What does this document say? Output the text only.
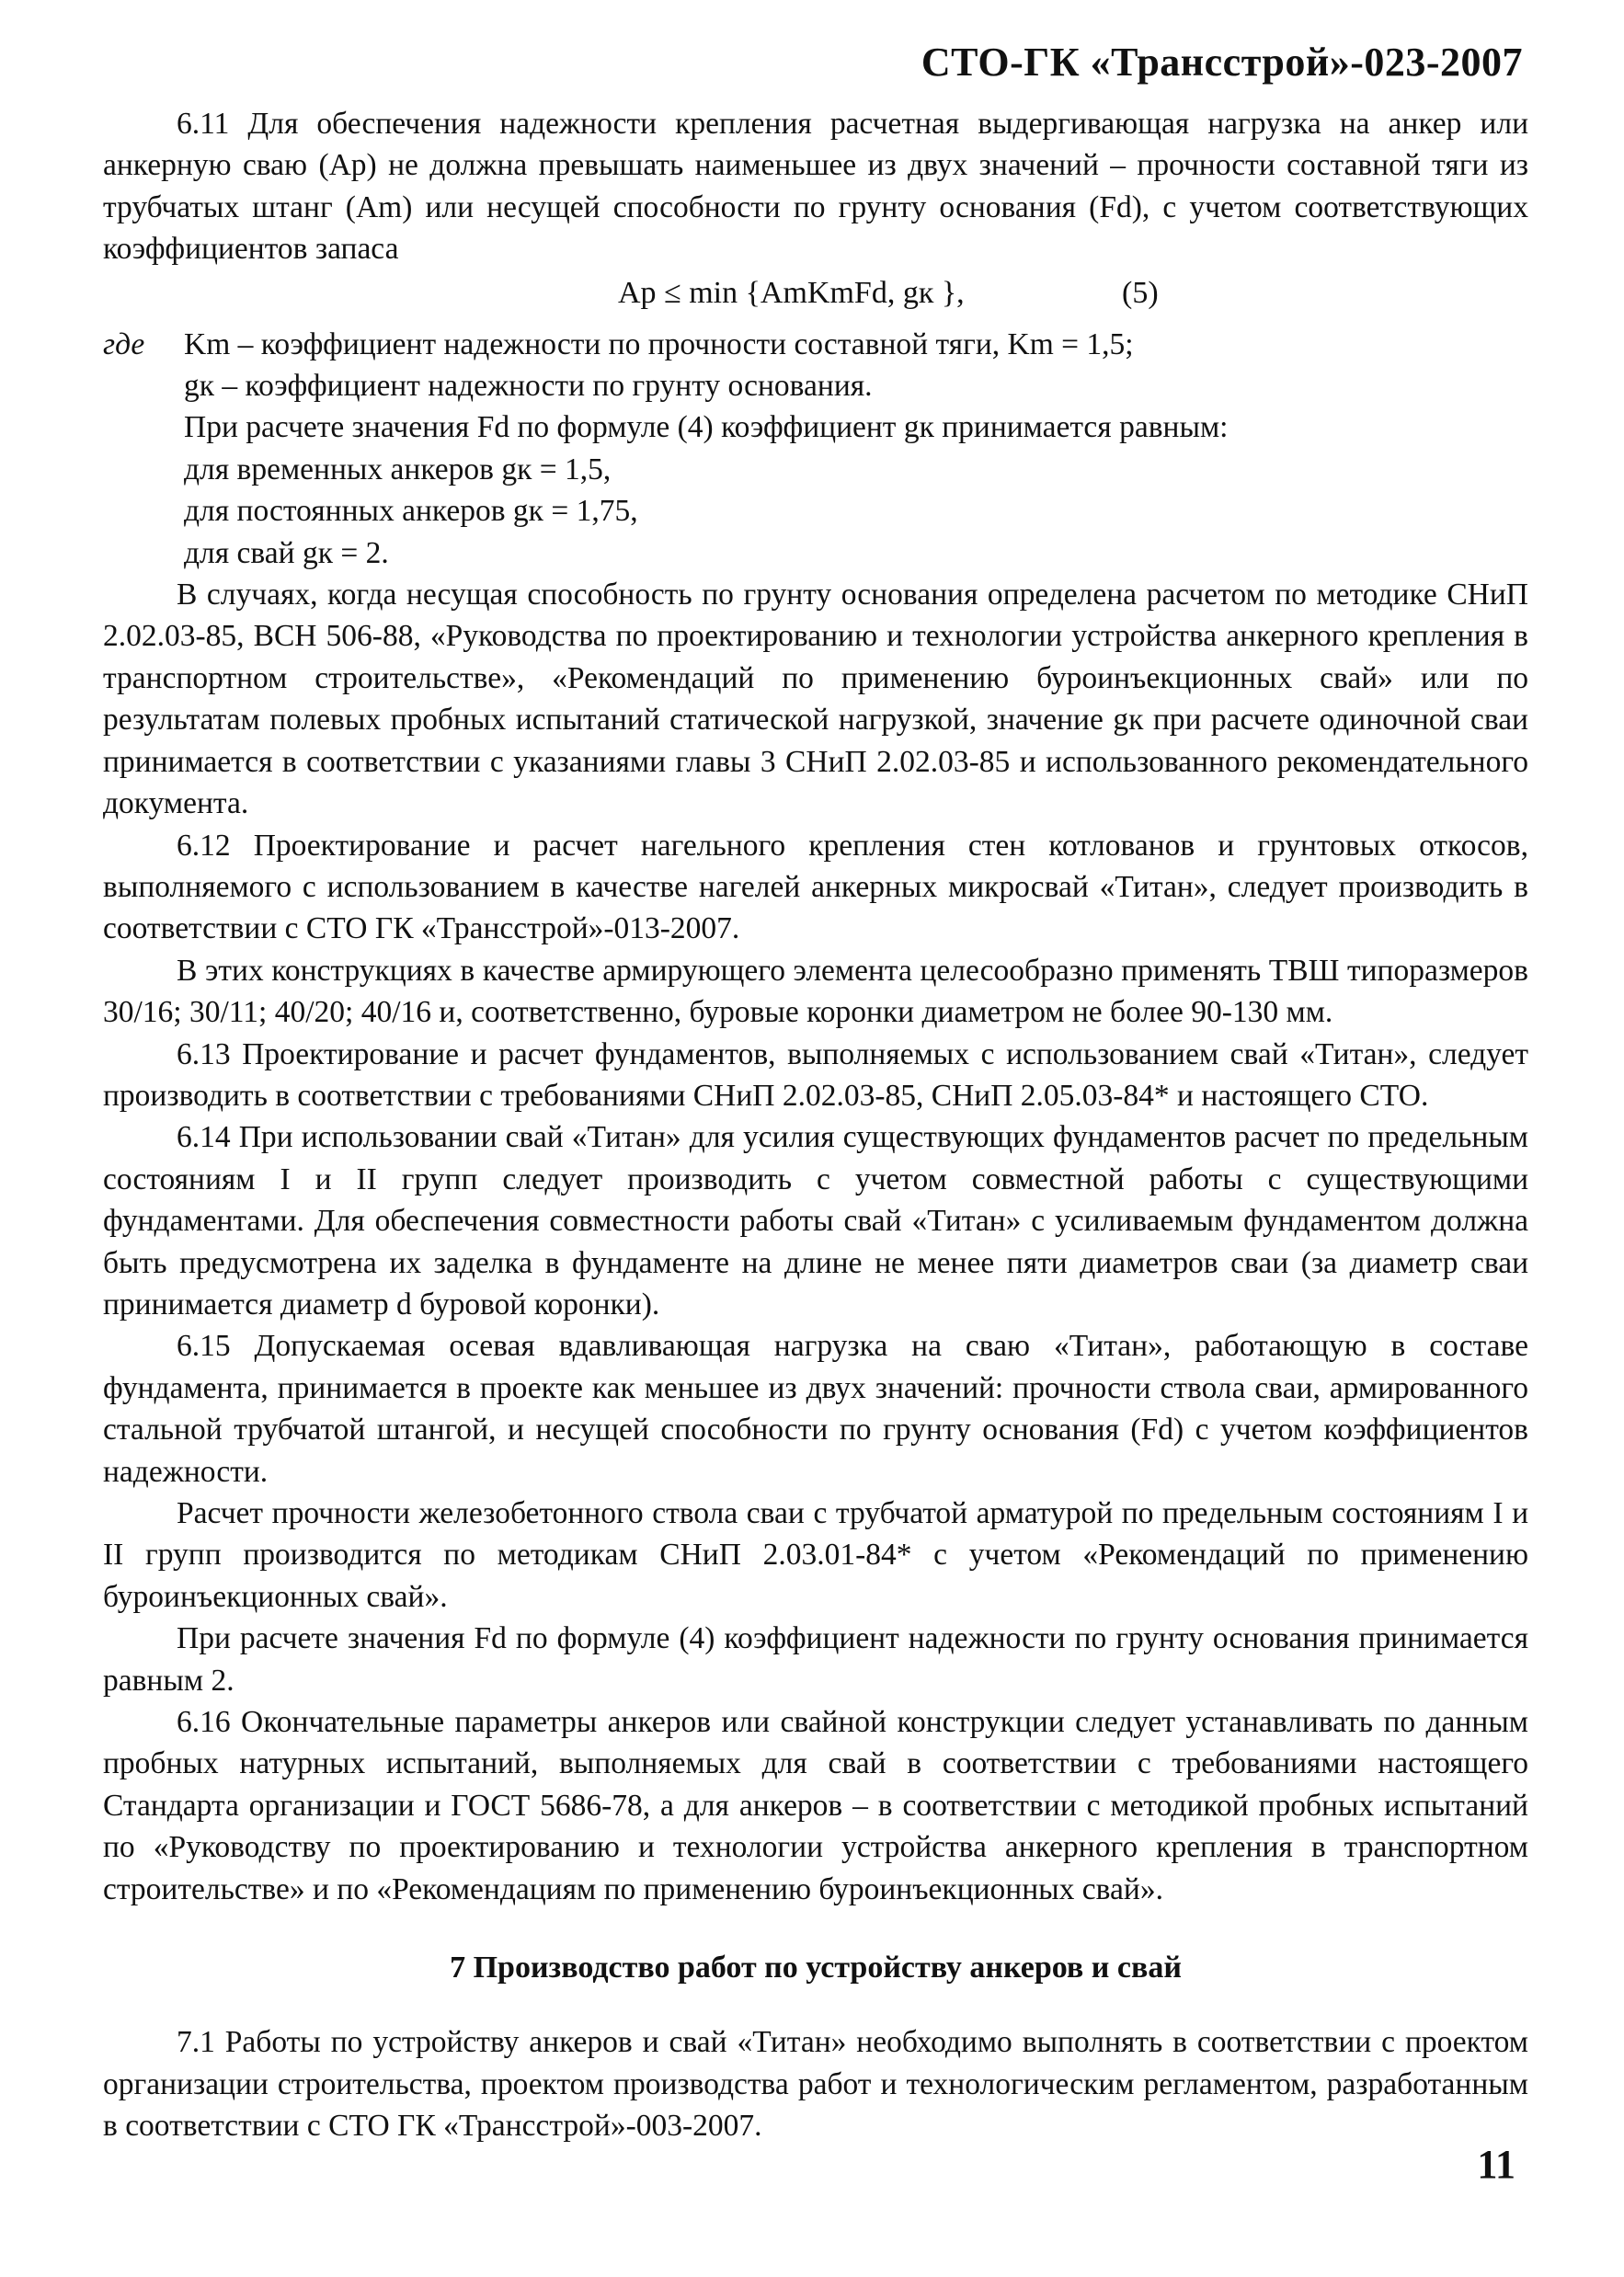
СТО-ГК «Трансстрой»-023-2007

6.11 Для обеспечения надежности крепления расчетная выдергивающая нагрузка на анкер или анкерную сваю (Ap) не должна превышать наименьшее из двух значений – прочности составной тяги из трубчатых штанг (Am) или несущей способности по грунту основания (Fd), с учетом соответствующих коэффициентов запаса

Ap ≤ min {AmKmFd, gк },	(5)

где Km – коэффициент надежности по прочности составной тяги, Km = 1,5;

gк – коэффициент надежности по грунту основания.

При расчете значения Fd по формуле (4) коэффициент gк принимается равным:

для временных анкеров gк = 1,5,

для постоянных анкеров gк = 1,75,

для свай gк = 2.

В случаях, когда несущая способность по грунту основания определена расчетом по методике СНиП 2.02.03-85, ВСН 506-88, «Руководства по проектированию и технологии устройства анкерного крепления в транспортном строительстве», «Рекомендаций по применению буроинъекционных свай» или по результатам полевых пробных испытаний статической нагрузкой, значение gк при расчете одиночной сваи принимается в соответствии с указаниями главы 3 СНиП 2.02.03-85 и использованного рекомендательного документа.

6.12 Проектирование и расчет нагельного крепления стен котлованов и грунтовых откосов, выполняемого с использованием в качестве нагелей анкерных микросвай «Титан», следует производить в соответствии с СТО ГК «Трансстрой»-013-2007.

В этих конструкциях в качестве армирующего элемента целесообразно применять ТВШ типоразмеров 30/16; 30/11; 40/20; 40/16 и, соответственно, буровые коронки диаметром не более 90-130 мм.

6.13 Проектирование и расчет фундаментов, выполняемых с использованием свай «Титан», следует производить в соответствии с требованиями СНиП 2.02.03-85, СНиП 2.05.03-84* и настоящего СТО.

6.14 При использовании свай «Титан» для усилия существующих фундаментов расчет по предельным состояниям I и II групп следует производить с учетом совместной работы с существующими фундаментами. Для обеспечения совместности работы свай «Титан» с усиливаемым фундаментом должна быть предусмотрена их заделка в фундаменте на длине не менее пяти диаметров сваи (за диаметр сваи принимается диаметр d буровой коронки).

6.15 Допускаемая осевая вдавливающая нагрузка на сваю «Титан», работающую в составе фундамента, принимается в проекте как меньшее из двух значений: прочности ствола сваи, армированного стальной трубчатой штангой, и несущей способности по грунту основания (Fd) с учетом коэффициентов надежности.

Расчет прочности железобетонного ствола сваи с трубчатой арматурой по предельным состояниям I и II групп производится по методикам СНиП 2.03.01-84* с учетом «Рекомендаций по применению буроинъекционных свай».

При расчете значения Fd по формуле (4) коэффициент надежности по грунту основания принимается равным 2.

6.16 Окончательные параметры анкеров или свайной конструкции следует устанавливать по данным пробных натурных испытаний, выполняемых для свай в соответствии с требованиями настоящего Стандарта организации и ГОСТ 5686-78, а для анкеров – в соответствии с методикой пробных испытаний по «Руководству по проектированию и технологии устройства анкерного крепления в транспортном строительстве» и по «Рекомендациям по применению буроинъекционных свай».

7 Производство работ по устройству анкеров и свай

7.1 Работы по устройству анкеров и свай «Титан» необходимо выполнять в соответствии с проектом организации строительства, проектом производства работ и технологическим регламентом, разработанным в соответствии с СТО ГК «Трансстрой»-003-2007.

11
